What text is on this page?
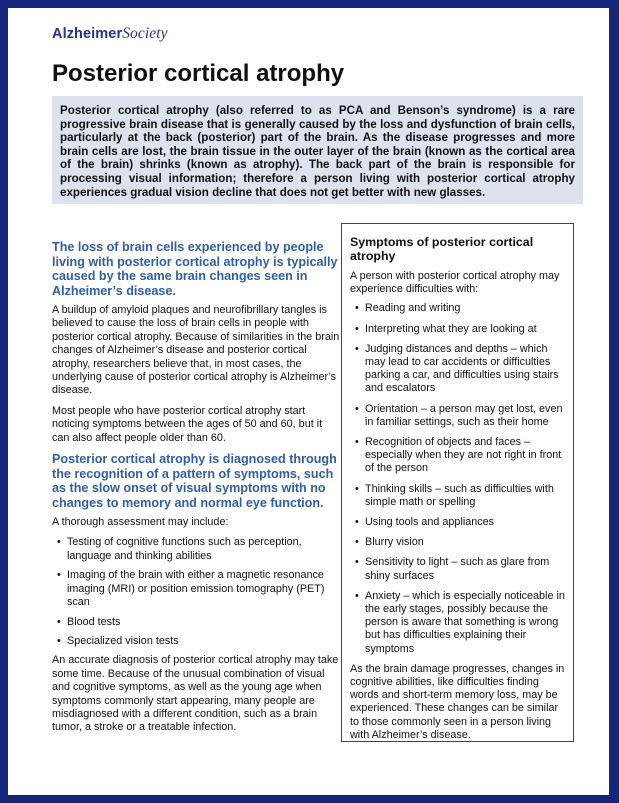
AlzheimerSociety
Posterior cortical atrophy
Posterior cortical atrophy (also referred to as PCA and Benson’s syndrome) is a rare progressive brain disease that is generally caused by the loss and dysfunction of brain cells, particularly at the back (posterior) part of the brain. As the disease progresses and more brain cells are lost, the brain tissue in the outer layer of the brain (known as the cortical area of the brain) shrinks (known as atrophy). The back part of the brain is responsible for processing visual information; therefore a person living with posterior cortical atrophy experiences gradual vision decline that does not get better with new glasses.
The loss of brain cells experienced by people living with posterior cortical atrophy is typically caused by the same brain changes seen in Alzheimer’s disease.

A buildup of amyloid plaques and neurofibrillary tangles is believed to cause the loss of brain cells in people with posterior cortical atrophy. Because of similarities in the brain changes of Alzheimer’s disease and posterior cortical atrophy, researchers believe that, in most cases, the underlying cause of posterior cortical atrophy is Alzheimer’s disease.

Most people who have posterior cortical atrophy start noticing symptoms between the ages of 50 and 60, but it can also affect people older than 60.

Posterior cortical atrophy is diagnosed through the recognition of a pattern of symptoms, such as the slow onset of visual symptoms with no changes to memory and normal eye function.

A thorough assessment may include:

• Testing of cognitive functions such as perception, language and thinking abilities
• Imaging of the brain with either a magnetic resonance imaging (MRI) or position emission tomography (PET) scan
• Blood tests
• Specialized vision tests

An accurate diagnosis of posterior cortical atrophy may take some time. Because of the unusual combination of visual and cognitive symptoms, as well as the young age when symptoms commonly start appearing, many people are misdiagnosed with a different condition, such as a brain tumor, a stroke or a treatable infection.

Symptoms of posterior cortical atrophy

A person with posterior cortical atrophy may experience difficulties with:

• Reading and writing
• Interpreting what they are looking at
• Judging distances and depths – which may lead to car accidents or difficulties parking a car, and difficulties using stairs and escalators
• Orientation – a person may get lost, even in familiar settings, such as their home
• Recognition of objects and faces – especially when they are not right in front of the person
• Thinking skills – such as difficulties with simple math or spelling
• Using tools and appliances
• Blurry vision
• Sensitivity to light – such as glare from shiny surfaces
• Anxiety – which is especially noticeable in the early stages, possibly because the person is aware that something is wrong but has difficulties explaining their symptoms

As the brain damage progresses, changes in cognitive abilities, like difficulties finding words and short-term memory loss, may be experienced. These changes can be similar to those commonly seen in a person living with Alzheimer’s disease.
